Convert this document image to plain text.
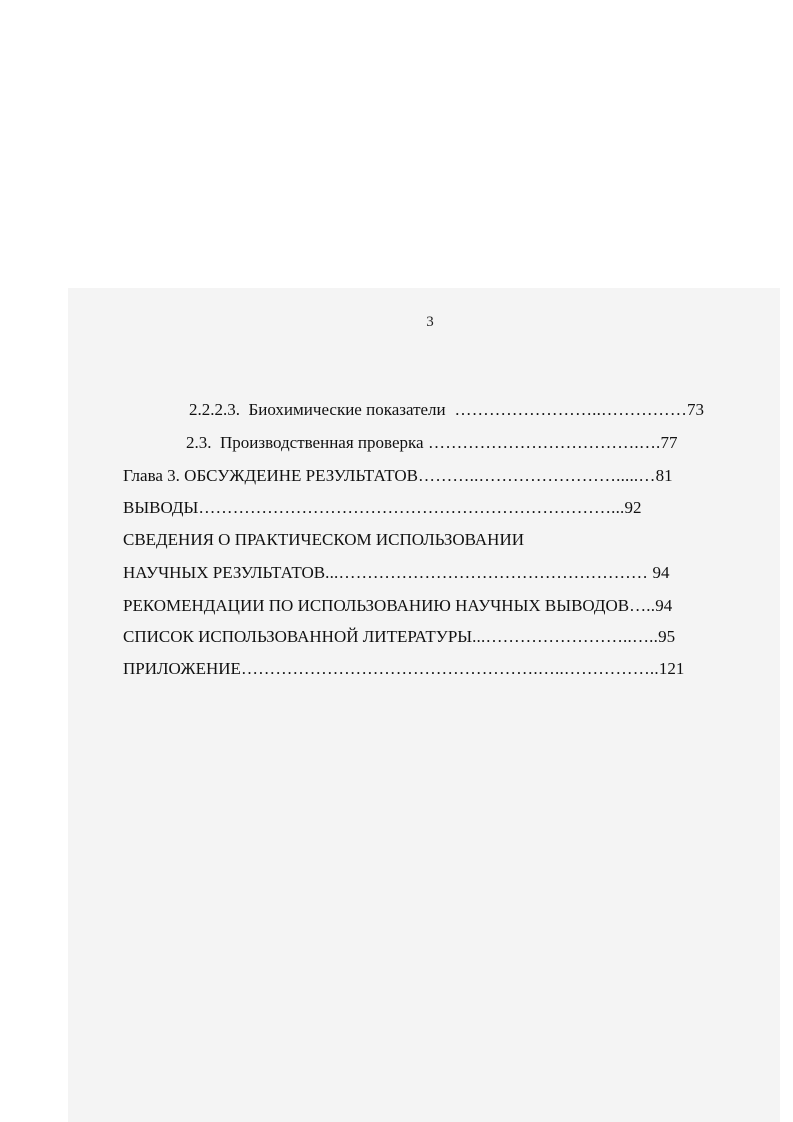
3
2.2.2.3. Биохимические показатели  ……………………..……………73
2.3. Производственная проверка ……………………………….….77
Глава 3. ОБСУЖДЕИНЕ РЕЗУЛЬТАТОВ………..…………………….....…81
ВЫВОДЫ………………………………………………………………...92
СВЕДЕНИЯ О ПРАКТИЧЕСКОМ ИСПОЛЬЗОВАНИИ
НАУЧНЫХ РЕЗУЛЬТАТОВ...……………………………………………… 94
РЕКОМЕНДАЦИИ ПО ИСПОЛЬЗОВАНИЮ НАУЧНЫХ ВЫВОДОВ…..94
СПИСОК ИСПОЛЬЗОВАННОЙ ЛИТЕРАТУРЫ...……………………..…..95
ПРИЛОЖЕНИЕ…………………………………………….…..……………..121
